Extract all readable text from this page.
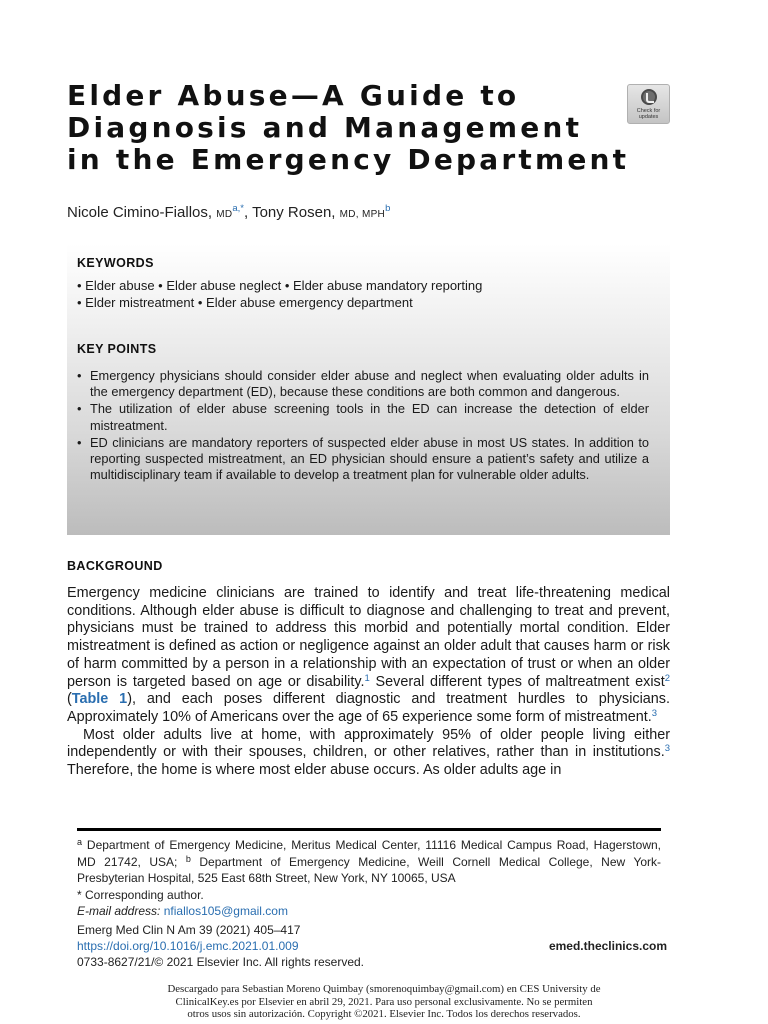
Elder Abuse—A Guide to
Diagnosis and Management
in the Emergency Department
Check for
updates
Nicole Cimino-Fiallos, $MD^{a,*}$, Tony Rosen, MD, MPH$^b$
KEYWORDS
• Elder abuse • Elder abuse neglect • Elder abuse mandatory reporting
• Elder mistreatment • Elder abuse emergency department
KEY POINTS
• Emergency physicians should consider elder abuse and neglect when evaluating older adults in the emergency department (ED), because these conditions are both common and dangerous.
• The utilization of elder abuse screening tools in the ED can increase the detection of elder mistreatment.
• ED clinicians are mandatory reporters of suspected elder abuse in most US states. In addition to reporting suspected mistreatment, an ED physician should ensure a patient’s safety and utilize a multidisciplinary team if available to develop a treatment plan for vulnerable older adults.
BACKGROUND

Emergency medicine clinicians are trained to identify and treat life-threatening medical conditions. Although elder abuse is difficult to diagnose and challenging to treat and prevent, physicians must be trained to address this morbid and potentially mortal condition. Elder mistreatment is defined as action or negligence against an older adult that causes harm or risk of harm committed by a person in a relationship with an expectation of trust or when an older person is targeted based on age or disability.$^1$ Several different types of maltreatment exist$^2$ (Table 1), and each poses different diagnostic and treatment hurdles to physicians. Approximately 10% of Americans over the age of 65 experience some form of mistreatment.$^3$

Most older adults live at home, with approximately 95% of older people living either independently or with their spouses, children, or other relatives, rather than in institutions.$^3$ Therefore, the home is where most elder abuse occurs. As older adults age in

$^a$ Department of Emergency Medicine, Meritus Medical Center, 11116 Medical Campus Road, Hagerstown, MD 21742, USA; $^b$ Department of Emergency Medicine, Weill Cornell Medical College, New York-Presbyterian Hospital, 525 East 68th Street, New York, NY 10065, USA

* Corresponding author.

E-mail address: nfiallos105@gmail.com

Emerg Med Clin N Am 39 (2021) 405–417
https://doi.org/10.1016/j.emc.2021.01.009	emed.theclinics.com
0733-8627/21/© 2021 Elsevier Inc. All rights reserved.
Descargado para Sebastian Moreno Quimbay (smorenoquimbay@gmail.com) en CES University de
ClinicalKey.es por Elsevier en abril 29, 2021. Para uso personal exclusivamente. No se permiten
otros usos sin autorización. Copyright ©2021. Elsevier Inc. Todos los derechos reservados.
